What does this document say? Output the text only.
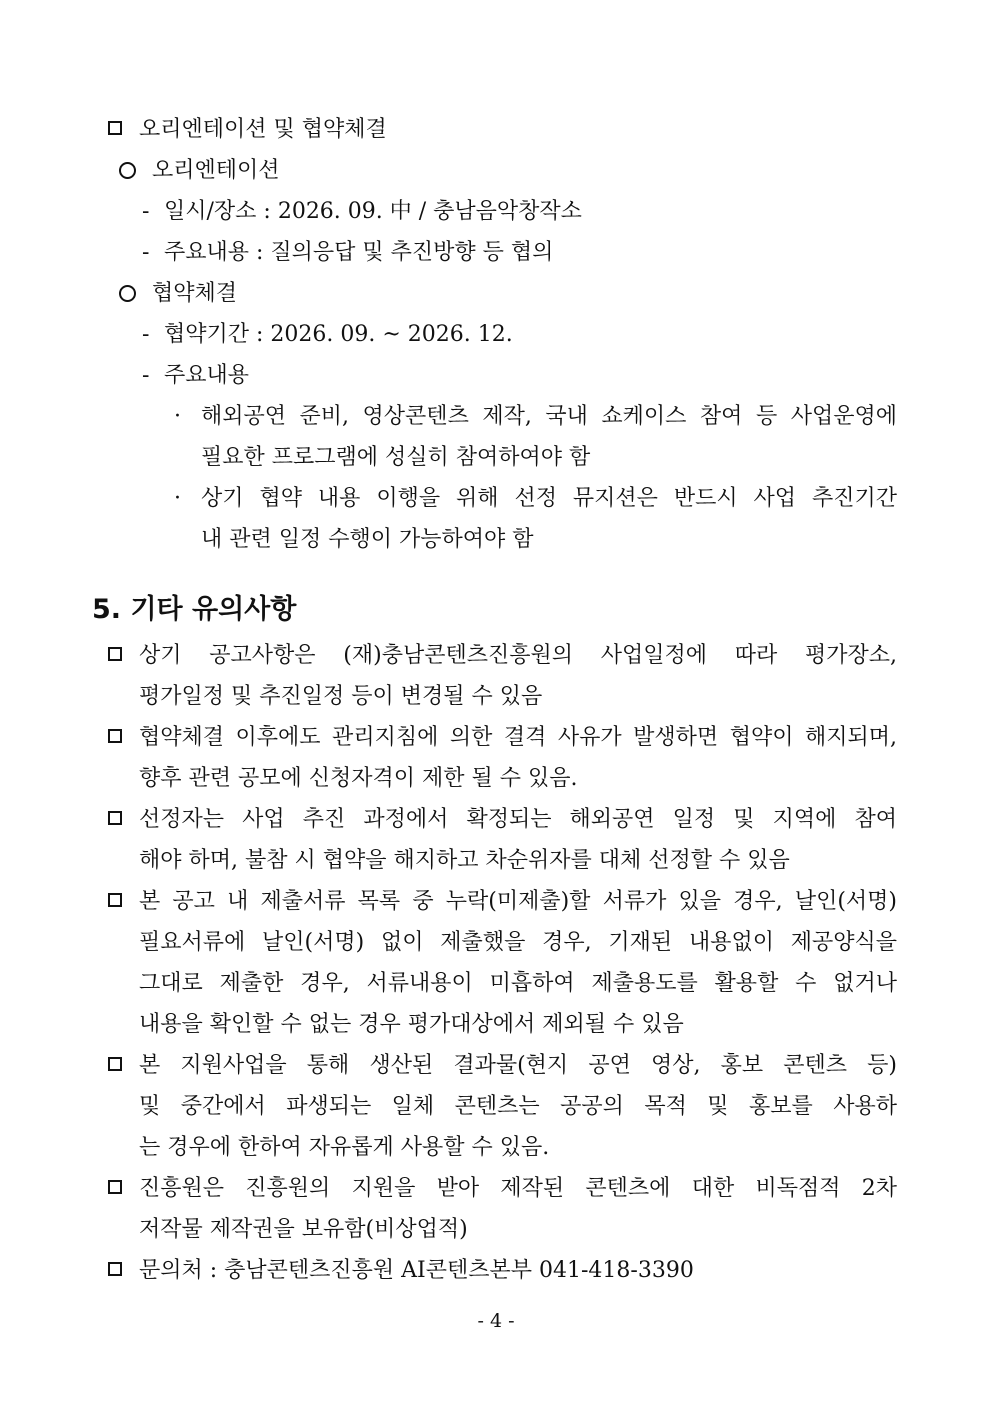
오리엔테이션 및 협약체결
오리엔테이션
- 일시/장소 : 2026. 09. 中 / 충남음악창작소
- 주요내용 : 질의응답 및 추진방향 등 협의
협약체결
- 협약기간 : 2026. 09. ~ 2026. 12.
- 주요내용
· 해외공연 준비, 영상콘텐츠 제작, 국내 쇼케이스 참여 등 사업운영에
필요한 프로그램에 성실히 참여하여야 함
· 상기 협약 내용 이행을 위해 선정 뮤지션은 반드시 사업 추진기간
내 관련 일정 수행이 가능하여야 함
5. 기타 유의사항
상기 공고사항은 (재)충남콘텐츠진흥원의 사업일정에 따라 평가장소,
평가일정 및 추진일정 등이 변경될 수 있음
협약체결 이후에도 관리지침에 의한 결격 사유가 발생하면 협약이 해지되며,
향후 관련 공모에 신청자격이 제한 될 수 있음.
선정자는 사업 추진 과정에서 확정되는 해외공연 일정 및 지역에 참여
해야 하며, 불참 시 협약을 해지하고 차순위자를 대체 선정할 수 있음
본 공고 내 제출서류 목록 중 누락(미제출)할 서류가 있을 경우, 날인(서명)
필요서류에 날인(서명) 없이 제출했을 경우, 기재된 내용없이 제공양식을
그대로 제출한 경우, 서류내용이 미흡하여 제출용도를 활용할 수 없거나
내용을 확인할 수 없는 경우 평가대상에서 제외될 수 있음
본 지원사업을 통해 생산된 결과물(현지 공연 영상, 홍보 콘텐츠 등)
및 중간에서 파생되는 일체 콘텐츠는 공공의 목적 및 홍보를 사용하
는 경우에 한하여 자유롭게 사용할 수 있음.
진흥원은 진흥원의 지원을 받아 제작된 콘텐츠에 대한 비독점적 2차
저작물 제작권을 보유함(비상업적)
문의처 : 충남콘텐츠진흥원 AI콘텐츠본부 041-418-3390
- 4 -
